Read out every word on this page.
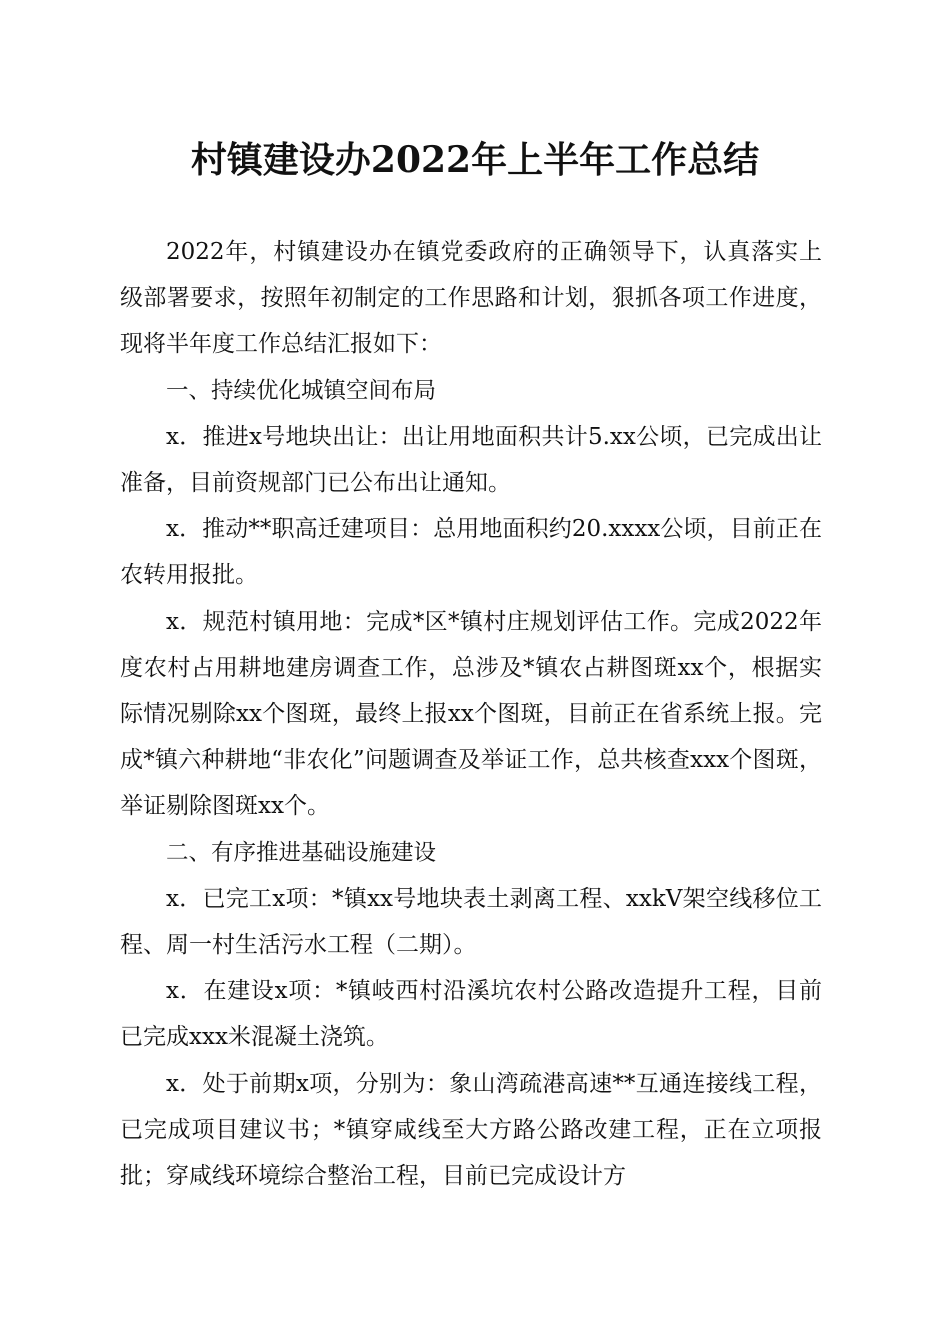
村镇建设办2022年上半年工作总结

2022年，村镇建设办在镇党委政府的正确领导下，认真落实上级部署要求，按照年初制定的工作思路和计划，狠抓各项工作进度，现将半年度工作总结汇报如下：

一、持续优化城镇空间布局

x．推进x号地块出让：出让用地面积共计5.xx公顷，已完成出让准备，目前资规部门已公布出让通知。

x．推动**职高迁建项目：总用地面积约20.xxxx公顷，目前正在农转用报批。

x．规范村镇用地：完成*区*镇村庄规划评估工作。完成2022年度农村占用耕地建房调查工作，总涉及*镇农占耕图斑xx个，根据实际情况剔除xx个图斑，最终上报xx个图斑，目前正在省系统上报。完成*镇六种耕地“非农化”问题调查及举证工作，总共核查xxx个图斑，举证剔除图斑xx个。

二、有序推进基础设施建设

x．已完工x项：*镇xx号地块表土剥离工程、xxkV架空线移位工程、周一村生活污水工程（二期）。

x．在建设x项：*镇岐西村沿溪坑农村公路改造提升工程，目前已完成xxx米混凝土浇筑。

x．处于前期x项，分别为：象山湾疏港高速**互通连接线工程，已完成项目建议书；*镇穿咸线至大方路公路改建工程，正在立项报批；穿咸线环境综合整治工程，目前已完成设计方
